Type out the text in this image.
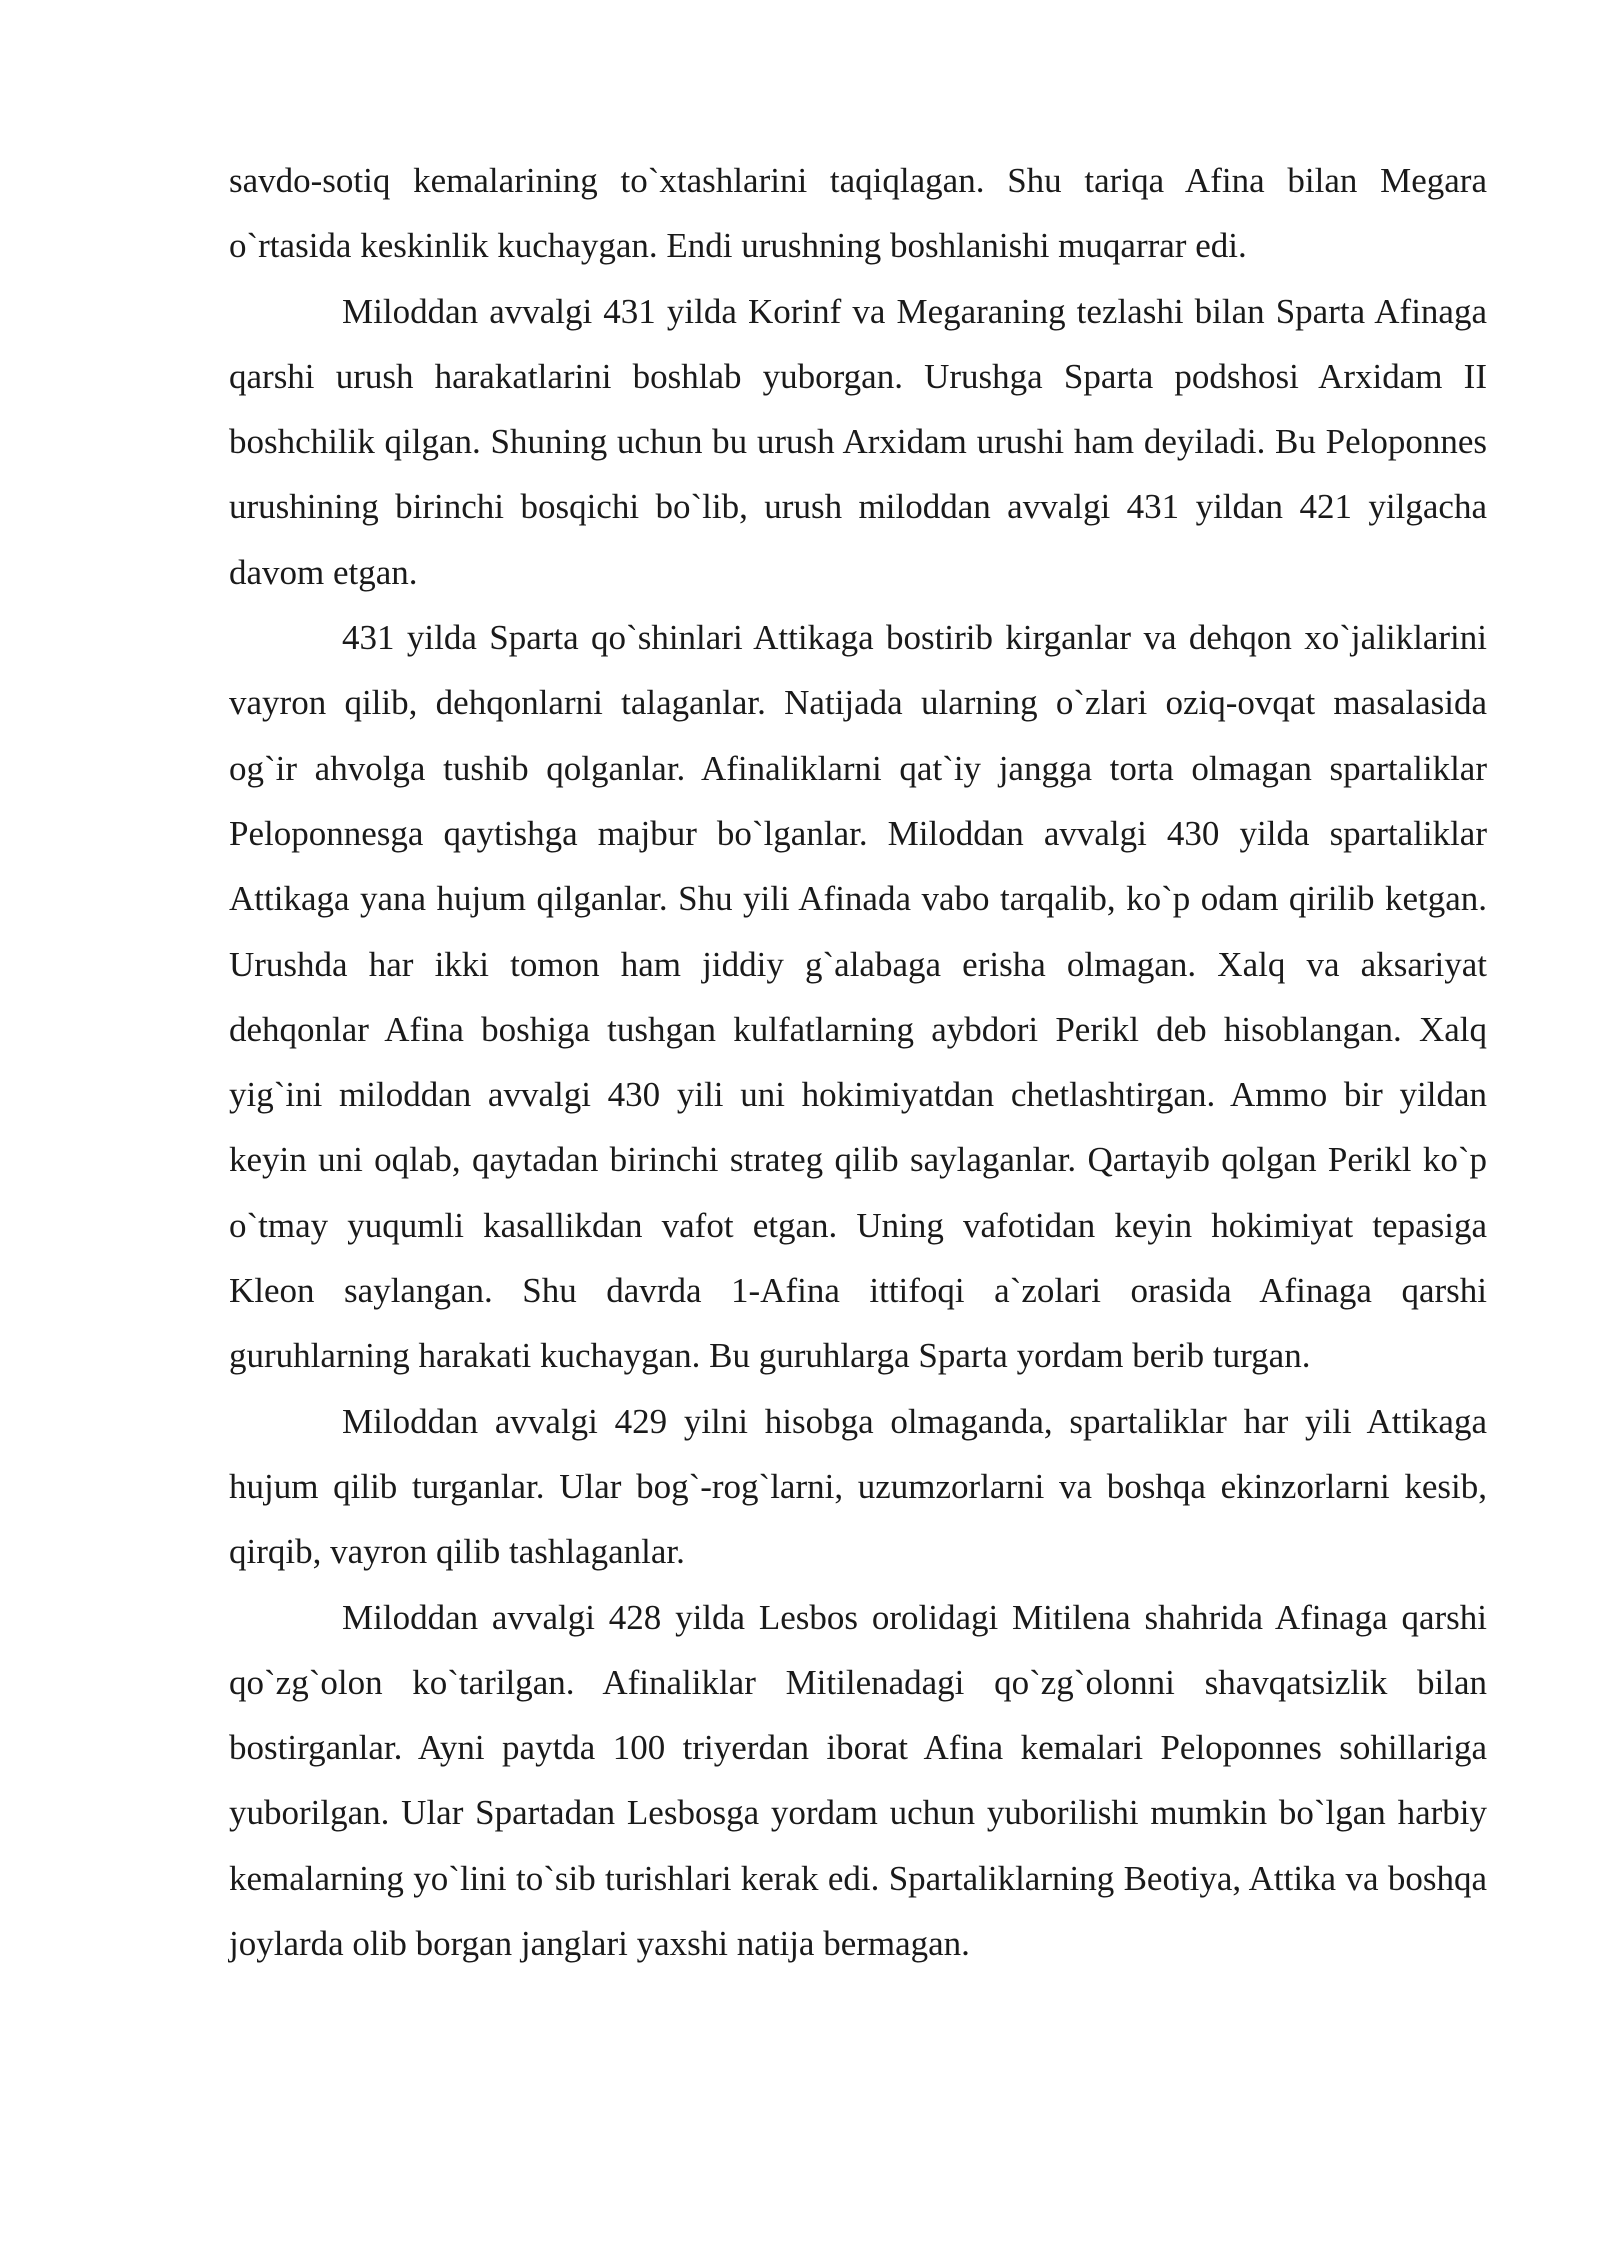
savdo-sotiq kemalarining to`xtashlarini taqiqlagan. Shu tariqa Afina bilan Megara o`rtasida keskinlik kuchaygan. Endi urushning boshlanishi muqarrar edi.

Miloddan avvalgi 431 yilda Korinf va Megaraning tezlashi bilan Sparta Afinaga qarshi urush harakatlarini boshlab yuborgan. Urushga Sparta podshosi Arxidam II boshchilik qilgan. Shuning uchun bu urush Arxidam urushi ham deyiladi. Bu Peloponnes urushining birinchi bosqichi bo`lib, urush miloddan avvalgi 431 yildan 421 yilgacha davom etgan.

431 yilda Sparta qo`shinlari Attikaga bostirib kirganlar va dehqon xo`jaliklarini vayron qilib, dehqonlarni talaganlar. Natijada ularning o`zlari oziq-ovqat masalasida og`ir ahvolga tushib qolganlar. Afinaliklarni qat`iy jangga torta olmagan spartaliklar Peloponnesga qaytishga majbur bo`lganlar. Miloddan avvalgi 430 yilda spartaliklar Attikaga yana hujum qilganlar. Shu yili Afinada vabo tarqalib, ko`p odam qirilib ketgan. Urushda har ikki tomon ham jiddiy g`alabaga erisha olmagan. Xalq va aksariyat dehqonlar Afina boshiga tushgan kulfatlarning aybdori Perikl deb hisoblangan. Xalq yig`ini miloddan avvalgi 430 yili uni hokimiyatdan chetlashtirgan. Ammo bir yildan keyin uni oqlab, qaytadan birinchi strateg qilib saylaganlar. Qartayib qolgan Perikl ko`p o`tmay yuqumli kasallikdan vafot etgan. Uning vafotidan keyin hokimiyat tepasiga Kleon saylangan. Shu davrda 1-Afina ittifoqi a`zolari orasida Afinaga qarshi guruhlarning harakati kuchaygan. Bu guruhlarga Sparta yordam berib turgan.

Miloddan avvalgi 429 yilni hisobga olmaganda, spartaliklar har yili Attikaga hujum qilib turganlar. Ular bog`-rog`larni, uzumzorlarni va boshqa ekinzorlarni kesib, qirqib, vayron qilib tashlaganlar.

Miloddan avvalgi 428 yilda Lesbos orolidagi Mitilena shahrida Afinaga qarshi qo`zg`olon ko`tarilgan. Afinaliklar Mitilenadagi qo`zg`olonni shavqatsizlik bilan bostirganlar. Ayni paytda 100 triyerdan iborat Afina kemalari Peloponnes sohillariga yuborilgan. Ular Spartadan Lesbosga yordam uchun yuborilishi mumkin bo`lgan harbiy kemalarning yo`lini to`sib turishlari kerak edi. Spartaliklarning Beotiya, Attika va boshqa joylarda olib borgan janglari yaxshi natija bermagan.
